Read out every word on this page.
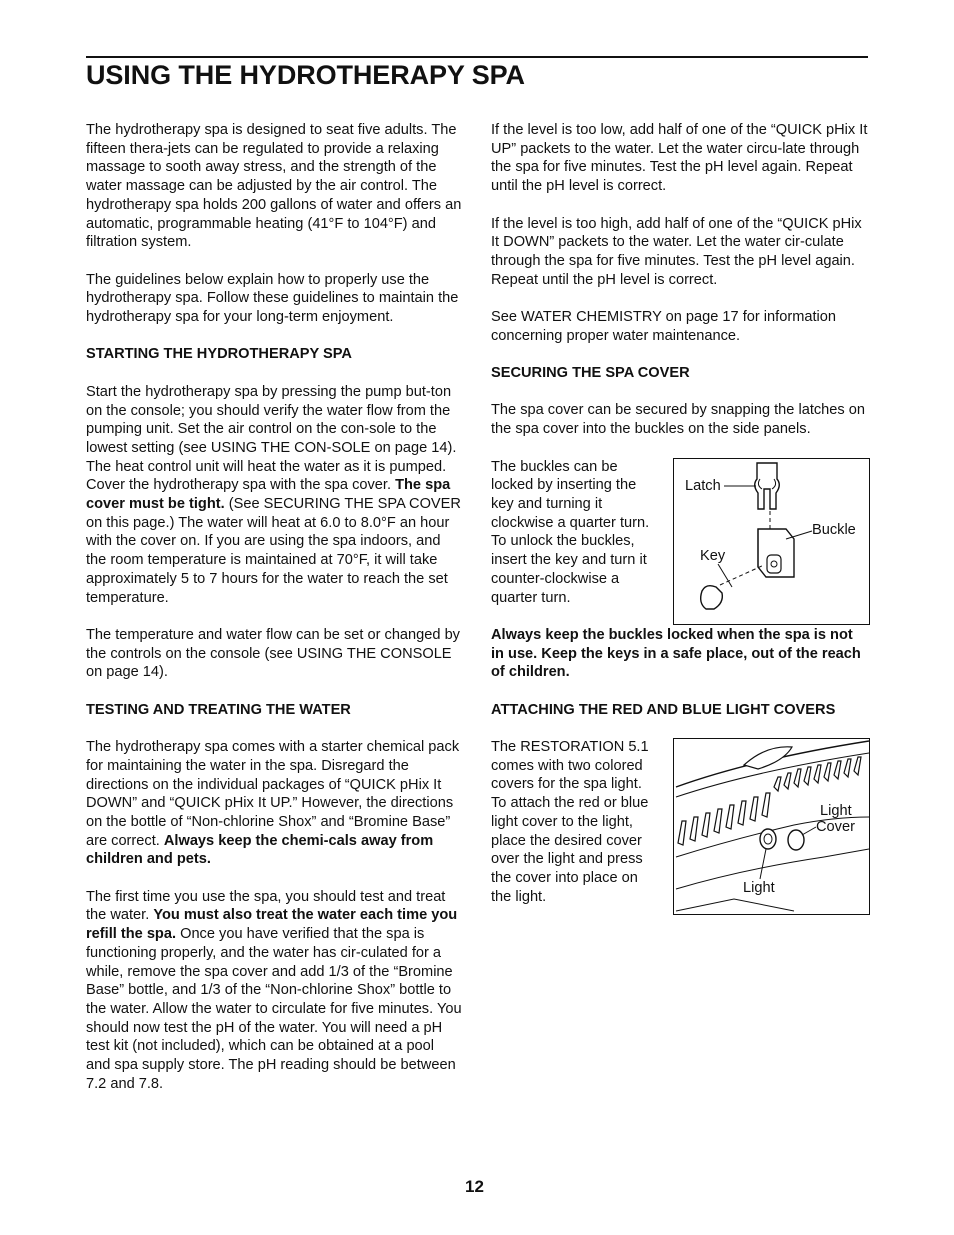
USING THE HYDROTHERAPY SPA

The hydrotherapy spa is designed to seat five adults. The fifteen thera-jets can be regulated to provide a relaxing massage to sooth away stress, and the strength of the water massage can be adjusted by the air control. The hydrotherapy spa holds 200 gallons of water and offers an automatic, programmable heating (41°F to 104°F) and filtration system.

The guidelines below explain how to properly use the hydrotherapy spa. Follow these guidelines to maintain the hydrotherapy spa for your long-term enjoyment.

STARTING THE HYDROTHERAPY SPA

Start the hydrotherapy spa by pressing the pump but-ton on the console; you should verify the water flow from the pumping unit. Set the air control on the con-sole to the lowest setting (see USING THE CON-SOLE on page 14). The heat control unit will heat the water as it is pumped. Cover the hydrotherapy spa with the spa cover. The spa cover must be tight. (See SECURING THE SPA COVER on this page.) The water will heat at 6.0 to 8.0°F an hour with the cover on. If you are using the spa indoors, and the room temperature is maintained at 70°F, it will take approximately 5 to 7 hours for the water to reach the set temperature.

The temperature and water flow can be set or changed by the controls on the console (see USING THE CONSOLE on page 14).

TESTING AND TREATING THE WATER

The hydrotherapy spa comes with a starter chemical pack for maintaining the water in the spa. Disregard the directions on the individual packages of “QUICK pHix It DOWN” and “QUICK pHix It UP.” However, the directions on the bottle of “Non-chlorine Shox” and “Bromine Base” are correct. Always keep the chemi-cals away from children and pets.

The first time you use the spa, you should test and treat the water. You must also treat the water each time you refill the spa. Once you have verified that the spa is functioning properly, and the water has cir-culated for a while, remove the spa cover and add 1/3 of the “Bromine Base” bottle, and 1/3 of the “Non-chlorine Shox” bottle to the water. Allow the water to circulate for five minutes. You should now test the pH of the water. You will need a pH test kit (not included), which can be obtained at a pool and spa supply store. The pH reading should be between 7.2 and 7.8.

If the level is too low, add half of one of the “QUICK pHix It UP” packets to the water. Let the water circu-late through the spa for five minutes. Test the pH level again. Repeat until the pH level is correct.

If the level is too high, add half of one of the “QUICK pHix It DOWN” packets to the water. Let the water cir-culate through the spa for five minutes. Test the pH level again. Repeat until the pH level is correct.

See WATER CHEMISTRY on page 17 for information concerning proper water maintenance.

SECURING THE SPA COVER

The spa cover can be secured by snapping the latches on the spa cover into the buckles on the side panels.

The buckles can be locked by inserting the key and turning it clockwise a quarter turn. To unlock the buckles, insert the key and turn it counter-clockwise a quarter turn.

Latch
Buckle
Key

Always keep the buckles locked when the spa is not in use. Keep the keys in a safe place, out of the reach of children.

ATTACHING THE RED AND BLUE LIGHT COVERS

The RESTORATION 5.1 comes with two colored covers for the spa light. To attach the red or blue light cover to the light, place the desired cover over the light and press the cover into place on the light.

Light
Cover
Light
12
